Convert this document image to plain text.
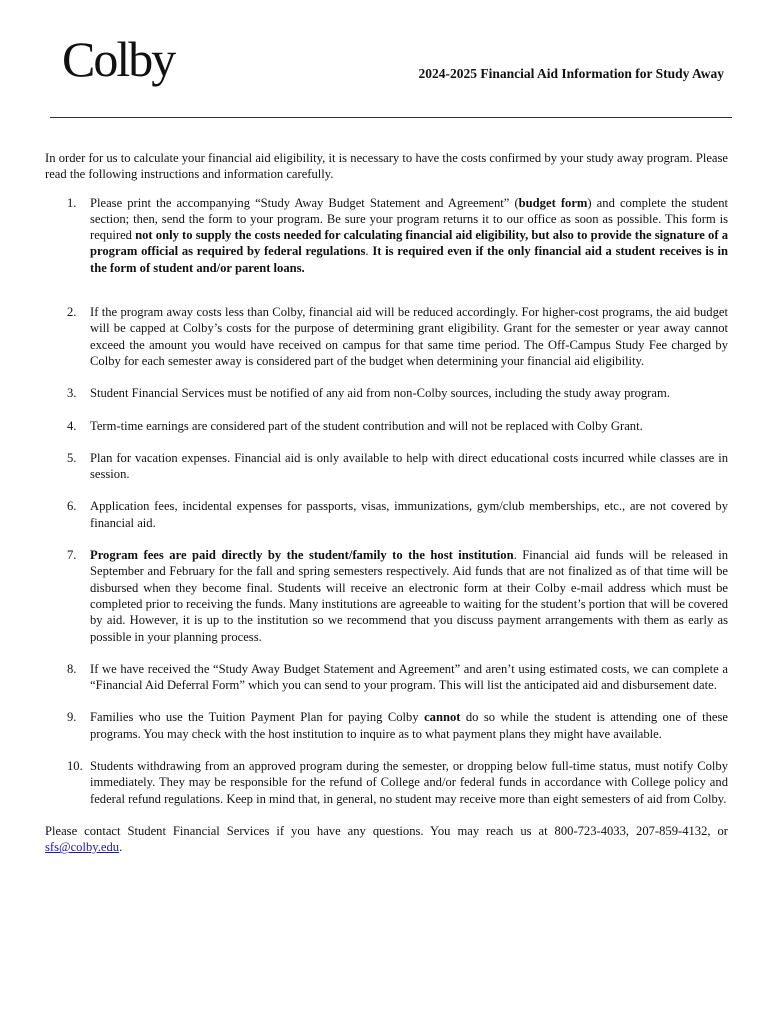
Colby	2024-2025 Financial Aid Information for Study Away

In order for us to calculate your financial aid eligibility, it is necessary to have the costs confirmed by your study away program. Please read the following instructions and information carefully.

1. Please print the accompanying “Study Away Budget Statement and Agreement” (budget form) and complete the student section; then, send the form to your program. Be sure your program returns it to our office as soon as possible. This form is required not only to supply the costs needed for calculating financial aid eligibility, but also to provide the signature of a program official as required by federal regulations. It is required even if the only financial aid a student receives is in the form of student and/or parent loans.
2. If the program away costs less than Colby, financial aid will be reduced accordingly. For higher-cost programs, the aid budget will be capped at Colby’s costs for the purpose of determining grant eligibility. Grant for the semester or year away cannot exceed the amount you would have received on campus for that same time period. The Off-Campus Study Fee charged by Colby for each semester away is considered part of the budget when determining your financial aid eligibility.
3. Student Financial Services must be notified of any aid from non-Colby sources, including the study away program.
4. Term-time earnings are considered part of the student contribution and will not be replaced with Colby Grant.
5. Plan for vacation expenses. Financial aid is only available to help with direct educational costs incurred while classes are in session.
6. Application fees, incidental expenses for passports, visas, immunizations, gym/club memberships, etc., are not covered by financial aid.
7. Program fees are paid directly by the student/family to the host institution. Financial aid funds will be released in September and February for the fall and spring semesters respectively. Aid funds that are not finalized as of that time will be disbursed when they become final. Students will receive an electronic form at their Colby e-mail address which must be completed prior to receiving the funds. Many institutions are agreeable to waiting for the student’s portion that will be covered by aid. However, it is up to the institution so we recommend that you discuss payment arrangements with them as early as possible in your planning process.
8. If we have received the “Study Away Budget Statement and Agreement” and aren’t using estimated costs, we can complete a “Financial Aid Deferral Form” which you can send to your program. This will list the anticipated aid and disbursement date.
9. Families who use the Tuition Payment Plan for paying Colby cannot do so while the student is attending one of these programs. You may check with the host institution to inquire as to what payment plans they might have available.
10. Students withdrawing from an approved program during the semester, or dropping below full-time status, must notify Colby immediately. They may be responsible for the refund of College and/or federal funds in accordance with College policy and federal refund regulations. Keep in mind that, in general, no student may receive more than eight semesters of aid from Colby.

Please contact Student Financial Services if you have any questions. You may reach us at 800-723-4033, 207-859-4132, or sfs@colby.edu.
